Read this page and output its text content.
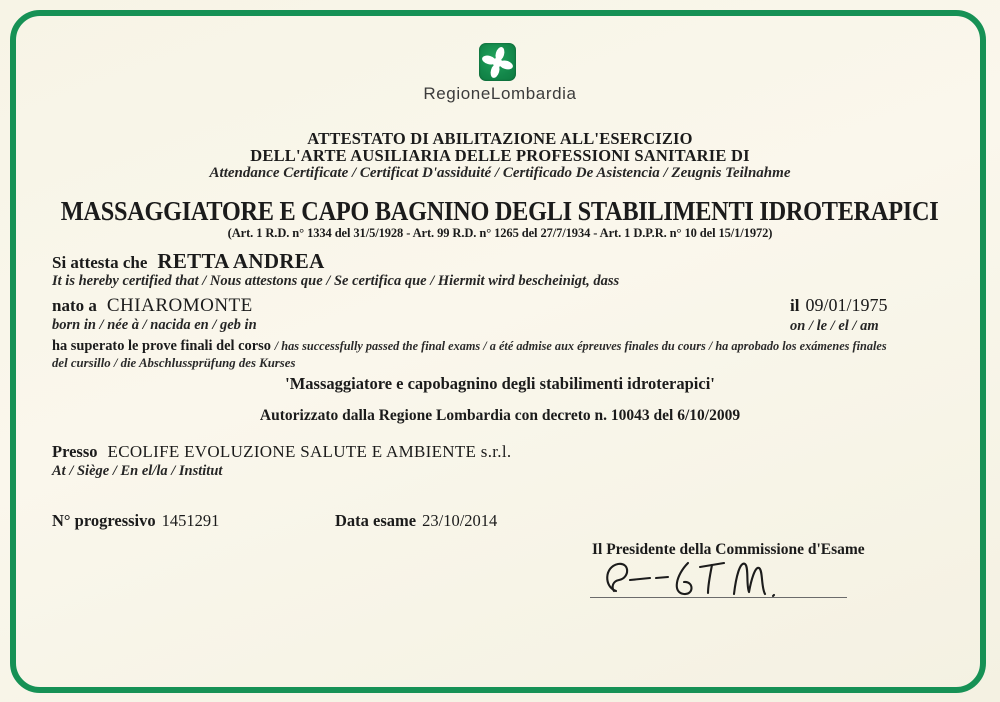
RegioneLombardia
ATTESTATO DI ABILITAZIONE ALL'ESERCIZIO
DELL'ARTE AUSILIARIA DELLE PROFESSIONI SANITARIE DI
Attendance Certificate / Certificat D'assiduité / Certificado De Asistencia / Zeugnis Teilnahme
MASSAGGIATORE E CAPO BAGNINO DEGLI STABILIMENTI IDROTERAPICI
(Art. 1 R.D. n° 1334 del 31/5/1928 - Art. 99 R.D. n° 1265 del 27/7/1934 - Art. 1 D.P.R. n° 10 del 15/1/1972)
Si attesta che RETTA ANDREA
It is hereby certified that / Nous attestons que / Se certifica que / Hiermit wird bescheinigt, dass
nato a CHIAROMONTE
born in / née à / nacida en / geb in
il 09/01/1975
on / le / el / am
ha superato le prove finali del corso / has successfully passed the final exams / a été admise aux épreuves finales du cours / ha aprobado los exámenes finales
del cursillo / die Abschlussprüfung des Kurses
'Massaggiatore e capobagnino degli stabilimenti idroterapici'
Autorizzato dalla Regione Lombardia con decreto n. 10043 del 6/10/2009
Presso ECOLIFE EVOLUZIONE SALUTE E AMBIENTE s.r.l.
At / Siège / En el/la / Institut
N° progressivo 1451291	Data esame 23/10/2014
Il Presidente della Commissione d'Esame
